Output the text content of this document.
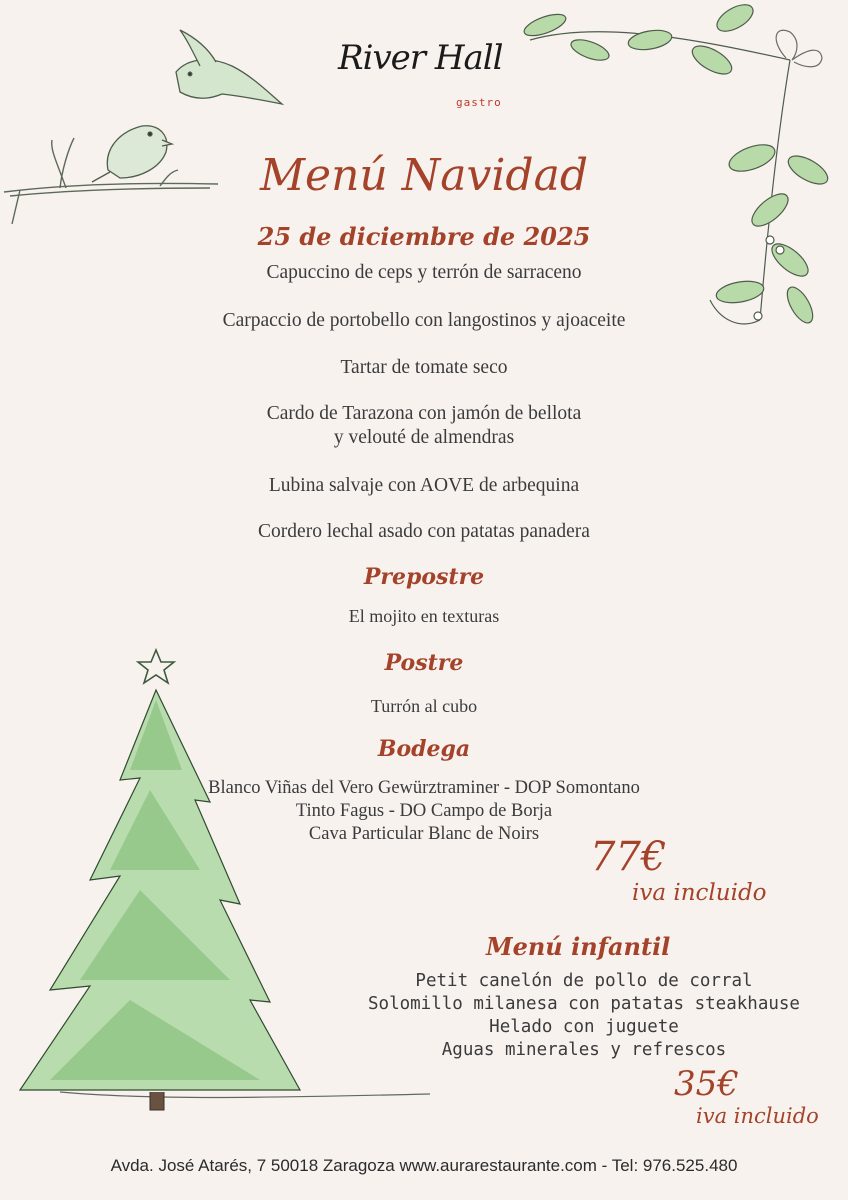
River Hall
gastro
Menú Navidad
25 de diciembre de 2025
Capuccino de ceps y terrón de sarraceno
Carpaccio de portobello con langostinos y ajoaceite
Tartar de tomate seco
Cardo de Tarazona con jamón de bellota
y velouté de almendras
Lubina salvaje con AOVE de arbequina
Cordero lechal asado con patatas panadera
Prepostre
El mojito en texturas
Postre
Turrón al cubo
Bodega
Blanco Viñas del Vero Gewürztraminer - DOP Somontano
Tinto Fagus - DO Campo de Borja
Cava Particular Blanc de Noirs	77€
iva incluido
Menú infantil
Petit canelón de pollo de corral
Solomillo milanesa con patatas steakhause
Helado con juguete
Aguas minerales y refrescos
35€
iva incluido
Avda. José Atarés, 7 50018 Zaragoza www.aurarestaurante.com - Tel: 976.525.480
